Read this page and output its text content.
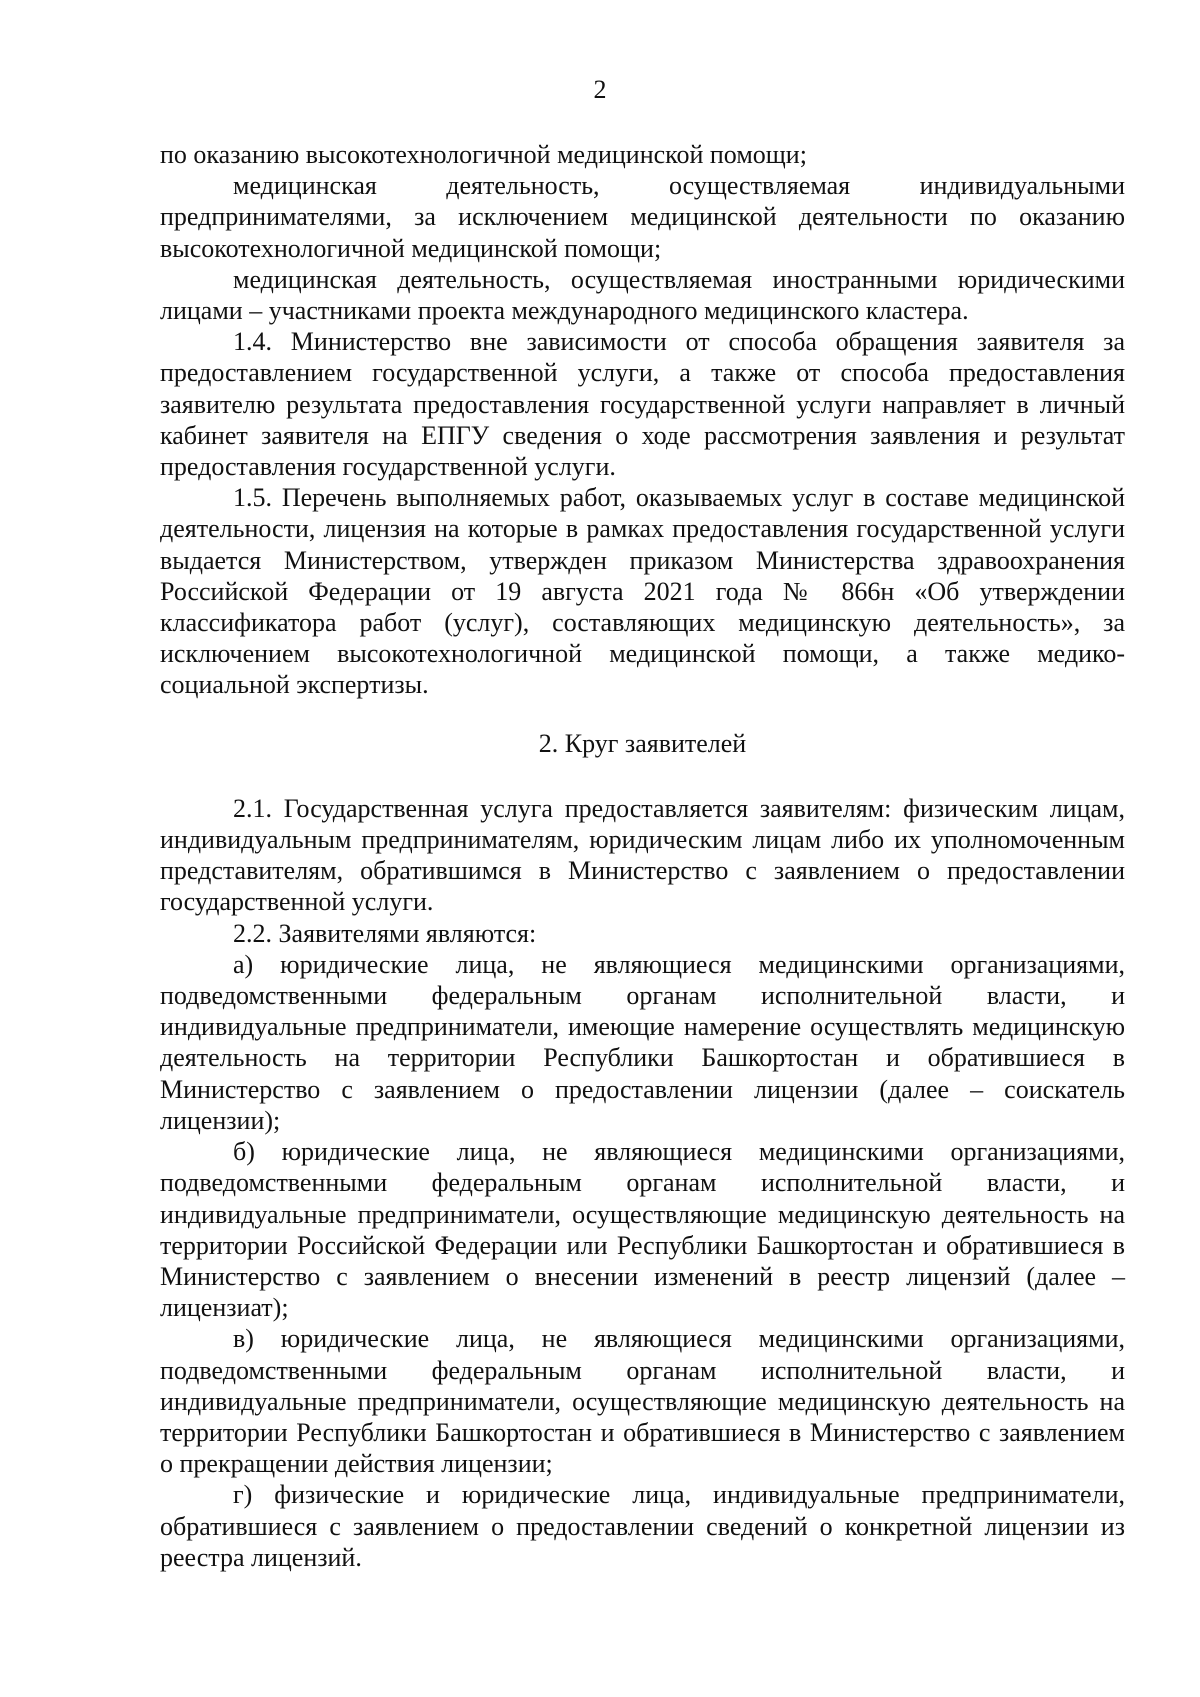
2

по оказанию высокотехнологичной медицинской помощи;

медицинская деятельность, осуществляемая индивидуальными предпринимателями, за исключением медицинской деятельности по оказанию высокотехнологичной медицинской помощи;

медицинская деятельность, осуществляемая иностранными юридическими лицами – участниками проекта международного медицинского кластера.

1.4. Министерство вне зависимости от способа обращения заявителя за предоставлением государственной услуги, а также от способа предоставления заявителю результата предоставления государственной услуги направляет в личный кабинет заявителя на ЕПГУ сведения о ходе рассмотрения заявления и результат предоставления государственной услуги.

1.5. Перечень выполняемых работ, оказываемых услуг в составе медицинской деятельности, лицензия на которые в рамках предоставления государственной услуги выдается Министерством, утвержден приказом Министерства здравоохранения Российской Федерации от 19 августа 2021 года № 866н «Об утверждении классификатора работ (услуг), составляющих медицинскую деятельность», за исключением высокотехнологичной медицинской помощи, а также медико-социальной экспертизы.

2. Круг заявителей

2.1. Государственная услуга предоставляется заявителям: физическим лицам, индивидуальным предпринимателям, юридическим лицам либо их уполномоченным представителям, обратившимся в Министерство с заявлением о предоставлении государственной услуги.

2.2. Заявителями являются:

а) юридические лица, не являющиеся медицинскими организациями, подведомственными федеральным органам исполнительной власти, и индивидуальные предприниматели, имеющие намерение осуществлять медицинскую деятельность на территории Республики Башкортостан и обратившиеся в Министерство с заявлением о предоставлении лицензии (далее – соискатель лицензии);

б) юридические лица, не являющиеся медицинскими организациями, подведомственными федеральным органам исполнительной власти, и индивидуальные предприниматели, осуществляющие медицинскую деятельность на территории Российской Федерации или Республики Башкортостан и обратившиеся в Министерство с заявлением о внесении изменений в реестр лицензий (далее – лицензиат);

в) юридические лица, не являющиеся медицинскими организациями, подведомственными федеральным органам исполнительной власти, и индивидуальные предприниматели, осуществляющие медицинскую деятельность на территории Республики Башкортостан и обратившиеся в Министерство с заявлением о прекращении действия лицензии;

г) физические и юридические лица, индивидуальные предприниматели, обратившиеся с заявлением о предоставлении сведений о конкретной лицензии из реестра лицензий.
